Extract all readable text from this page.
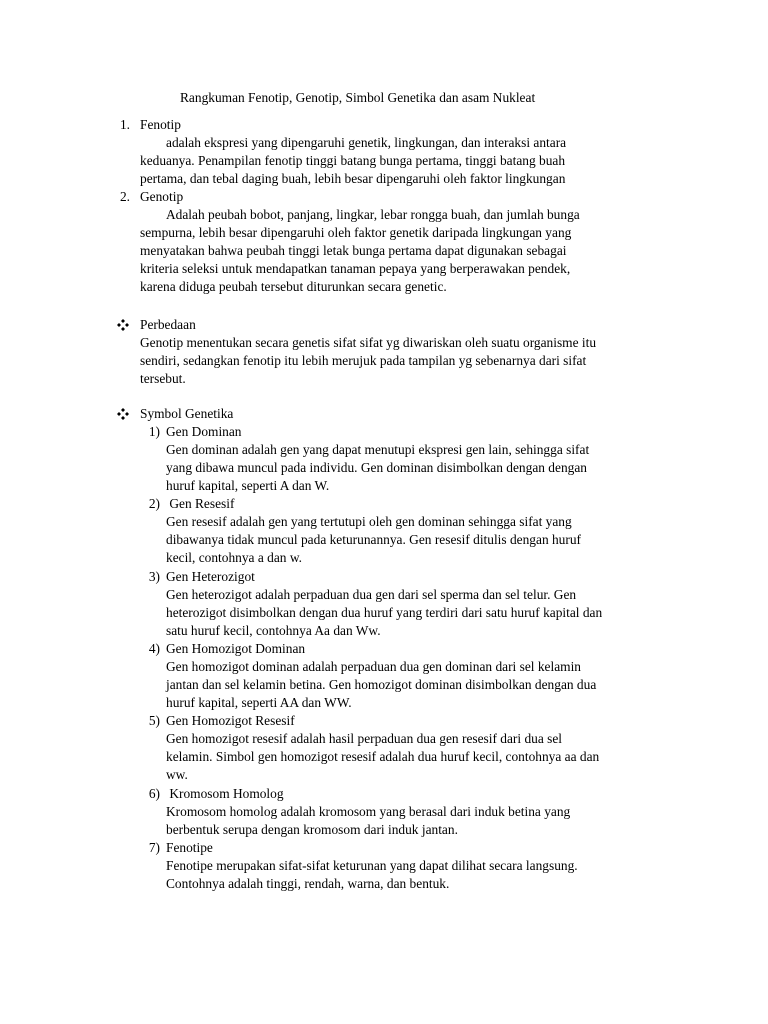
Rangkuman Fenotip, Genotip, Simbol Genetika dan asam Nukleat
1. Fenotip
adalah ekspresi yang dipengaruhi genetik, lingkungan, dan interaksi antara
keduanya. Penampilan fenotip tinggi batang bunga pertama, tinggi batang buah
pertama, dan tebal daging buah, lebih besar dipengaruhi oleh faktor lingkungan
2. Genotip
Adalah peubah bobot, panjang, lingkar, lebar rongga buah, dan jumlah bunga
sempurna, lebih besar dipengaruhi oleh faktor genetik daripada lingkungan yang
menyatakan bahwa peubah tinggi letak bunga pertama dapat digunakan sebagai
kriteria seleksi untuk mendapatkan tanaman pepaya yang berperawakan pendek,
karena diduga peubah tersebut diturunkan secara genetic.
Perbedaan
Genotip menentukan secara genetis sifat sifat yg diwariskan oleh suatu organisme itu
sendiri, sedangkan fenotip itu lebih merujuk pada tampilan yg sebenarnya dari sifat
tersebut.
Symbol Genetika
1) Gen Dominan
Gen dominan adalah gen yang dapat menutupi ekspresi gen lain, sehingga sifat
yang dibawa muncul pada individu. Gen dominan disimbolkan dengan dengan
huruf kapital, seperti A dan W.
2) Gen Resesif
Gen resesif adalah gen yang tertutupi oleh gen dominan sehingga sifat yang
dibawanya tidak muncul pada keturunannya. Gen resesif ditulis dengan huruf
kecil, contohnya a dan w.
3) Gen Heterozigot
Gen heterozigot adalah perpaduan dua gen dari sel sperma dan sel telur. Gen
heterozigot disimbolkan dengan dua huruf yang terdiri dari satu huruf kapital dan
satu huruf kecil, contohnya Aa dan Ww.
4) Gen Homozigot Dominan
Gen homozigot dominan adalah perpaduan dua gen dominan dari sel kelamin
jantan dan sel kelamin betina. Gen homozigot dominan disimbolkan dengan dua
huruf kapital, seperti AA dan WW.
5) Gen Homozigot Resesif
Gen homozigot resesif adalah hasil perpaduan dua gen resesif dari dua sel
kelamin. Simbol gen homozigot resesif adalah dua huruf kecil, contohnya aa dan
ww.
6) Kromosom Homolog
Kromosom homolog adalah kromosom yang berasal dari induk betina yang
berbentuk serupa dengan kromosom dari induk jantan.
7) Fenotipe
Fenotipe merupakan sifat-sifat keturunan yang dapat dilihat secara langsung.
Contohnya adalah tinggi, rendah, warna, dan bentuk.
